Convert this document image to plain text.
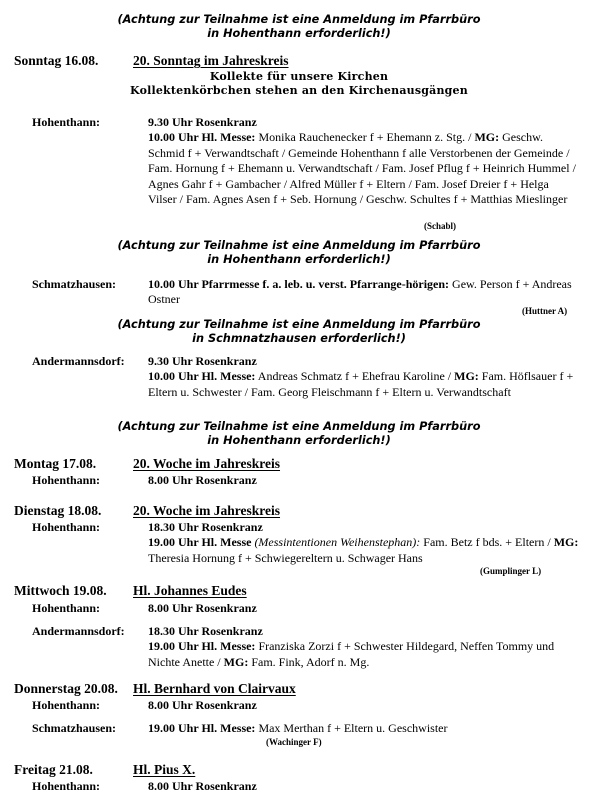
(Achtung zur Teilnahme ist eine Anmeldung im Pfarrbüro
in Hohenthann erforderlich!)
Sonntag 16.08.	20. Sonntag im Jahreskreis
Kollekte für unsere Kirchen
Kollektenkörbchen stehen an den Kirchenausgängen
Hohenthann:	9.30 Uhr Rosenkranz
10.00 Uhr Hl. Messe: Monika Rauchenecker f + Ehemann z. Stg. / MG: Geschw. Schmid f + Verwandtschaft / Gemeinde Hohenthann f alle Verstorbenen der Gemeinde / Fam. Hornung f + Ehemann u. Verwandtschaft / Fam. Josef Pflug f + Heinrich Hummel / Agnes Gahr f + Gambacher / Alfred Müller f + Eltern / Fam. Josef Dreier f + Helga Vilser / Fam. Agnes Asen f + Seb. Hornung / Geschw. Schultes f + Matthias Mieslinger
(Schabl)
(Achtung zur Teilnahme ist eine Anmeldung im Pfarrbüro
in Hohenthann erforderlich!)
Schmatzhausen:	10.00 Uhr Pfarrmesse f. a. leb. u. verst. Pfarrange-hörigen: Gew. Person f + Andreas Ostner
(Huttner A)
(Achtung zur Teilnahme ist eine Anmeldung im Pfarrbüro
in Schmnatzhausen erforderlich!)
Andermannsdorf: 9.30 Uhr Rosenkranz
10.00 Uhr Hl. Messe: Andreas Schmatz f + Ehefrau Karoline / MG: Fam. Höflsauer f + Eltern u. Schwester / Fam. Georg Fleischmann f + Eltern u. Verwandtschaft
(Achtung zur Teilnahme ist eine Anmeldung im Pfarrbüro
in Hohenthann erforderlich!)
Montag 17.08.	20. Woche im Jahreskreis
Hohenthann:	8.00 Uhr Rosenkranz
Dienstag 18.08. 20. Woche im Jahreskreis
Hohenthann:	18.30 Uhr Rosenkranz
19.00 Uhr Hl. Messe (Messintentionen Weihenstephan): Fam. Betz f bds. + Eltern / MG: Theresia Hornung f + Schwiegereltern u. Schwager Hans
(Gumplinger L)
Mittwoch 19.08. Hl. Johannes Eudes
Hohenthann:	8.00 Uhr Rosenkranz
Andermannsdorf: 18.30 Uhr Rosenkranz
19.00 Uhr Hl. Messe: Franziska Zorzi f + Schwester Hildegard, Neffen Tommy und Nichte Anette / MG: Fam. Fink, Adorf n. Mg.
Donnerstag 20.08. Hl. Bernhard von Clairvaux
Hohenthann:	8.00 Uhr Rosenkranz
Schmatzhausen:	19.00 Uhr Hl. Messe: Max Merthan f + Eltern u. Geschwister
(Wachinger F)
Freitag 21.08.	Hl. Pius X.
Hohenthann:	8.00 Uhr Rosenkranz
